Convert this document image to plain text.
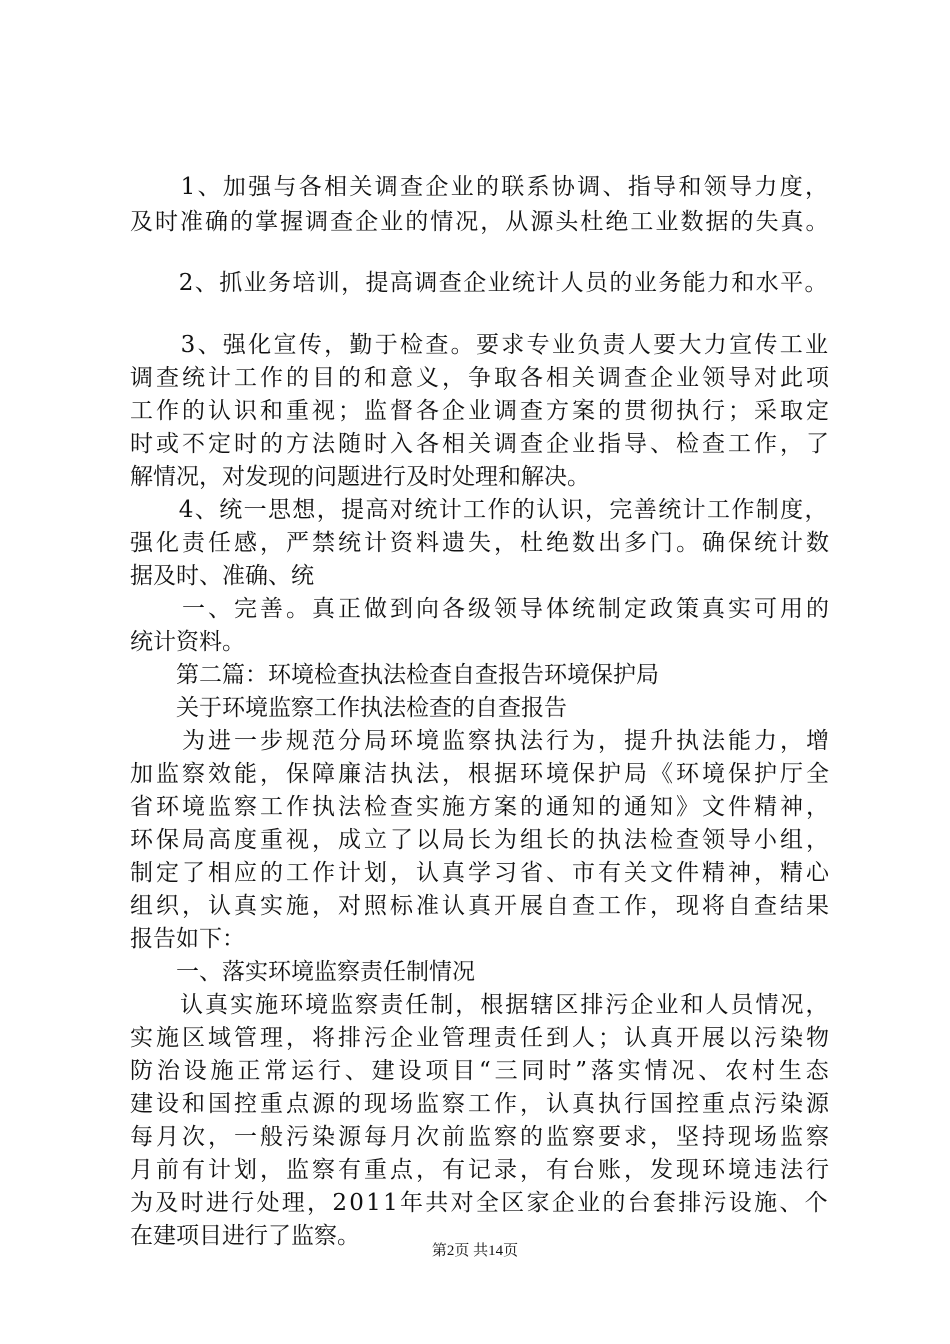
　　1、加强与各相关调查企业的联系协调、指导和领导力度，
及时准确的掌握调查企业的情况，从源头杜绝工业数据的失真。
　　2、抓业务培训，提高调查企业统计人员的业务能力和水平。
　　3、强化宣传，勤于检查。要求专业负责人要大力宣传工业
调查统计工作的目的和意义，争取各相关调查企业领导对此项
工作的认识和重视；监督各企业调查方案的贯彻执行；采取定
时或不定时的方法随时入各相关调查企业指导、检查工作，了
解情况，对发现的问题进行及时处理和解决。
　　4、统一思想，提高对统计工作的认识，完善统计工作制度，
强化责任感，严禁统计资料遗失，杜绝数出多门。确保统计数
据及时、准确、统
　　一、完善。真正做到向各级领导体统制定政策真实可用的
统计资料。
　　第二篇：环境检查执法检查自查报告环境保护局
　　关于环境监察工作执法检查的自查报告
　　为进一步规范分局环境监察执法行为，提升执法能力，增
加监察效能，保障廉洁执法，根据环境保护局《环境保护厅全
省环境监察工作执法检查实施方案的通知的通知》文件精神，
环保局高度重视，成立了以局长为组长的执法检查领导小组，
制定了相应的工作计划，认真学习省、市有关文件精神，精心
组织，认真实施，对照标准认真开展自查工作，现将自查结果
报告如下：
　　一、落实环境监察责任制情况
　　认真实施环境监察责任制，根据辖区排污企业和人员情况，
实施区域管理，将排污企业管理责任到人；认真开展以污染物
防治设施正常运行、建设项目“三同时”落实情况、农村生态
建设和国控重点源的现场监察工作，认真执行国控重点污染源
每月次，一般污染源每月次前监察的监察要求，坚持现场监察
月前有计划，监察有重点，有记录，有台账，发现环境违法行
为及时进行处理，2011年共对全区家企业的台套排污设施、个
在建项目进行了监察。
第2页 共14页
